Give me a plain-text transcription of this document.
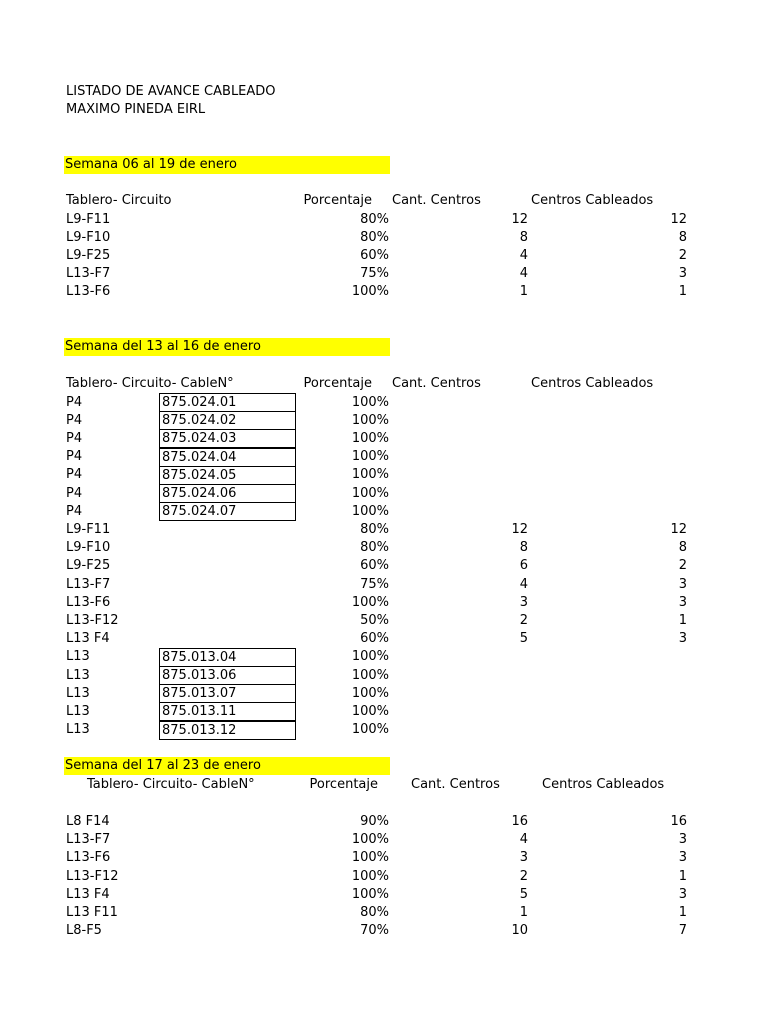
LISTADO DE AVANCE CABLEADO
MAXIMO PINEDA EIRL
Semana 06 al 19 de enero
Tablero- Circuito	Porcentaje Cant. Centros	Centros Cableados
L9-F11	80%	12	12
L9-F10	80%	8	8
L9-F25	60%	4	2
L13-F7	75%	4	3
L13-F6	100%	1	1
Semana del 13 al 16 de enero
Tablero- Circuito- CableN°	Porcentaje Cant. Centros	Centros Cableados
P4	875.024.01	100%
P4	875.024.02	100%
P4	875.024.03	100%
P4	875.024.04	100%
P4	875.024.05	100%
P4	875.024.06	100%
P4	875.024.07	100%
L9-F11	80%	12	12
L9-F10	80%	8	8
L9-F25	60%	6	2
L13-F7	75%	4	3
L13-F6	100%	3	3
L13-F12	50%	2	1
L13 F4	60%	5	3
L13	875.013.04	100%
L13	875.013.06	100%
L13	875.013.07	100%
L13	875.013.11	100%
L13	875.013.12	100%
Semana del 17 al 23 de enero
Tablero- Circuito- CableN°	Porcentaje	Cant. Centros	Centros Cableados
L8 F14	90%	16	16
L13-F7	100%	4	3
L13-F6	100%	3	3
L13-F12	100%	2	1
L13 F4	100%	5	3
L13 F11	80%	1	1
L8-F5	70%	10	7
